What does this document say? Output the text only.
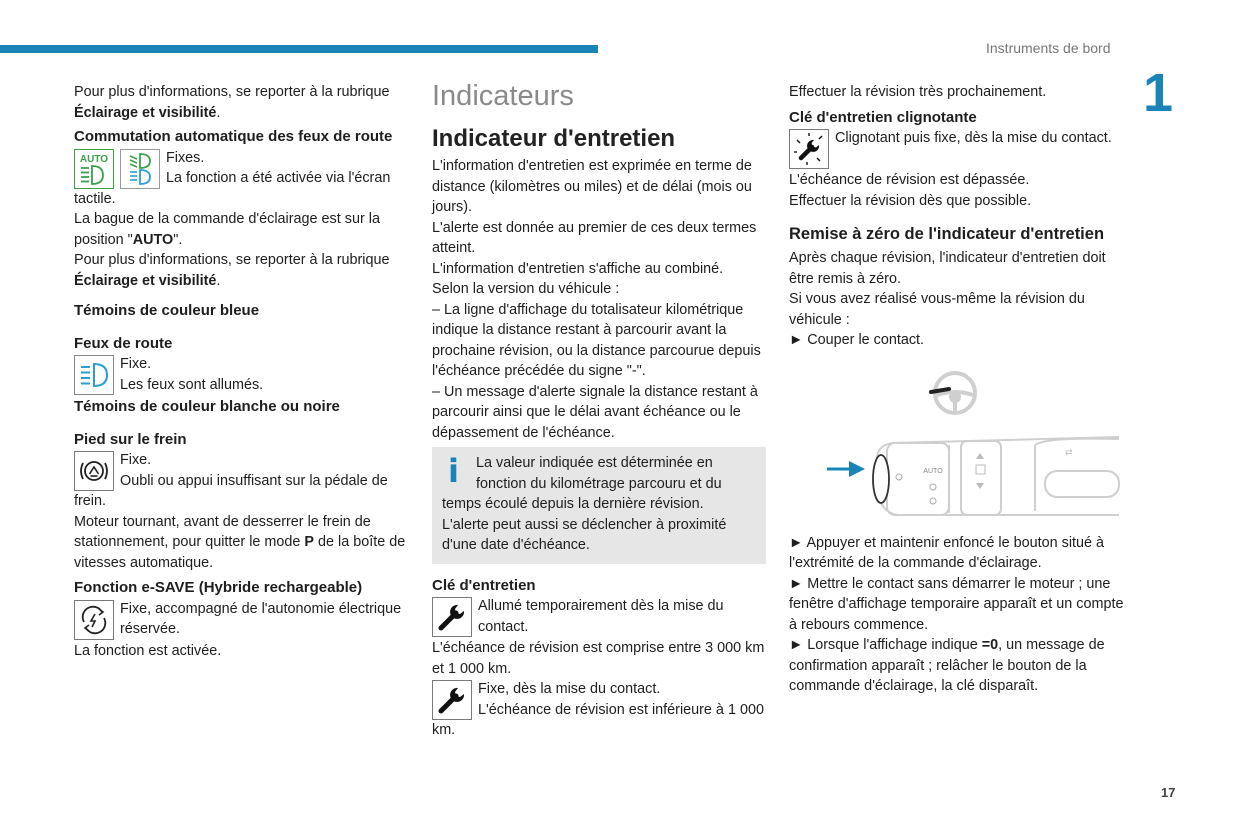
Instruments de bord
1

Pour plus d'informations, se reporter à la rubrique Éclairage et visibilité.

Commutation automatique des feux de route

AUTO	Fixes.

La fonction a été activée via l'écran tactile.

La bague de la commande d'éclairage est sur la position "AUTO".

Pour plus d'informations, se reporter à la rubrique Éclairage et visibilité.

Témoins de couleur bleue

Feux de route

Fixe.

Les feux sont allumés.

Témoins de couleur blanche ou noire

Pied sur le frein

Fixe.

Oubli ou appui insuffisant sur la pédale de frein.

Moteur tournant, avant de desserrer le frein de stationnement, pour quitter le mode P de la boîte de vitesses automatique.

Fonction e-SAVE (Hybride rechargeable)

Fixe, accompagné de l'autonomie électrique réservée.

La fonction est activée.

Indicateurs
Indicateur d'entretien

L'information d'entretien est exprimée en terme de distance (kilomètres ou miles) et de délai (mois ou jours).

L'alerte est donnée au premier de ces deux termes atteint.

L'information d'entretien s'affiche au combiné.

Selon la version du véhicule :

– La ligne d'affichage du totalisateur kilométrique indique la distance restant à parcourir avant la prochaine révision, ou la distance parcourue depuis l'échéance précédée du signe "-".

– Un message d'alerte signale la distance restant à parcourir ainsi que le délai avant échéance ou le dépassement de l'échéance.

i	La valeur indiquée est déterminée en fonction du kilométrage parcouru et du temps écoulé depuis la dernière révision.

L'alerte peut aussi se déclencher à proximité d'une date d'échéance.

Clé d'entretien

Allumé temporairement dès la mise du contact.

L'échéance de révision est comprise entre 3 000 km et 1 000 km.

Fixe, dès la mise du contact.

L'échéance de révision est inférieure à 1 000 km.

Effectuer la révision très prochainement.

Clé d'entretien clignotante

Clignotant puis fixe, dès la mise du contact.

L'échéance de révision est dépassée.

Effectuer la révision dès que possible.

Remise à zéro de l'indicateur d'entretien

Après chaque révision, l'indicateur d'entretien doit être remis à zéro.

Si vous avez réalisé vous-même la révision du véhicule :

► Couper le contact.

AUTO
⇄

► Appuyer et maintenir enfoncé le bouton situé à l'extrémité de la commande d'éclairage.

► Mettre le contact sans démarrer le moteur ; une fenêtre d'affichage temporaire apparaît et un compte à rebours commence.

► Lorsque l'affichage indique =0, un message de confirmation apparaît ; relâcher le bouton de la commande d'éclairage, la clé disparaît.

17
